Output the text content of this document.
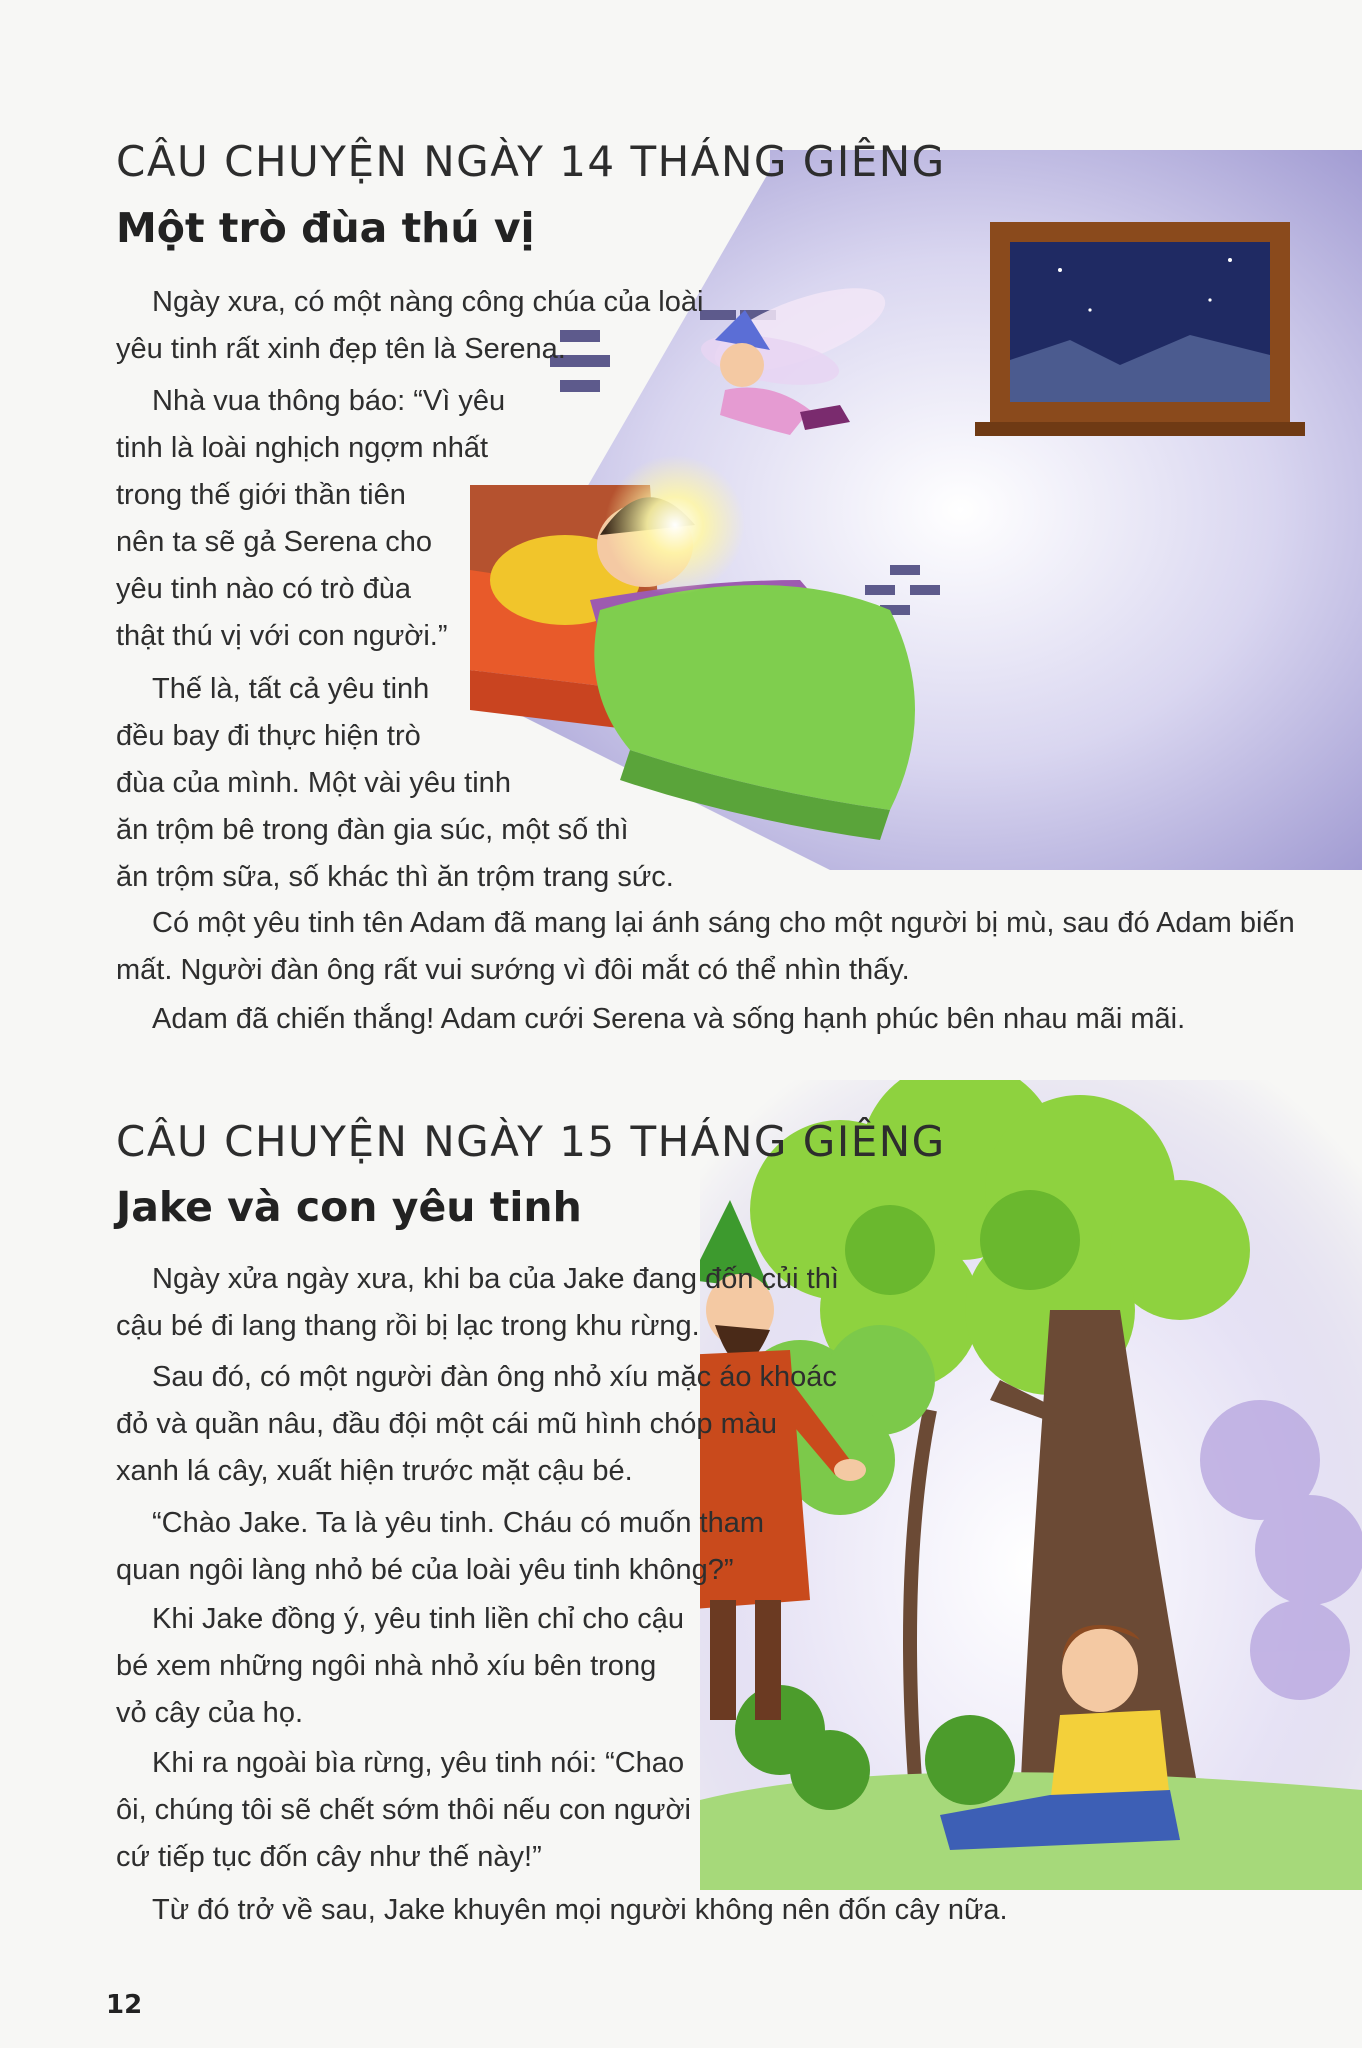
CÂU CHUYỆN NGÀY 14 THÁNG GIÊNG
Một trò đùa thú vị

Ngày xưa, có một nàng công chúa của loài
yêu tinh rất xinh đẹp tên là Serena.

Nhà vua thông báo: “Vì yêu
tinh là loài nghịch ngợm nhất
trong thế giới thần tiên
nên ta sẽ gả Serena cho
yêu tinh nào có trò đùa
thật thú vị với con người.”

Thế là, tất cả yêu tinh
đều bay đi thực hiện trò
đùa của mình. Một vài yêu tinh
ăn trộm bê trong đàn gia súc, một số thì
ăn trộm sữa, số khác thì ăn trộm trang sức.

Có một yêu tinh tên Adam đã mang lại ánh sáng cho một người bị mù, sau đó Adam biến
mất. Người đàn ông rất vui sướng vì đôi mắt có thể nhìn thấy.

Adam đã chiến thắng! Adam cưới Serena và sống hạnh phúc bên nhau mãi mãi.

CÂU CHUYỆN NGÀY 15 THÁNG GIÊNG
Jake và con yêu tinh

Ngày xửa ngày xưa, khi ba của Jake đang đốn củi thì
cậu bé đi lang thang rồi bị lạc trong khu rừng.

Sau đó, có một người đàn ông nhỏ xíu mặc áo khoác
đỏ và quần nâu, đầu đội một cái mũ hình chóp màu
xanh lá cây, xuất hiện trước mặt cậu bé.

“Chào Jake. Ta là yêu tinh. Cháu có muốn tham
quan ngôi làng nhỏ bé của loài yêu tinh không?”

Khi Jake đồng ý, yêu tinh liền chỉ cho cậu
bé xem những ngôi nhà nhỏ xíu bên trong
vỏ cây của họ.

Khi ra ngoài bìa rừng, yêu tinh nói: “Chao
ôi, chúng tôi sẽ chết sớm thôi nếu con người
cứ tiếp tục đốn cây như thế này!”

Từ đó trở về sau, Jake khuyên mọi người không nên đốn cây nữa.

12
